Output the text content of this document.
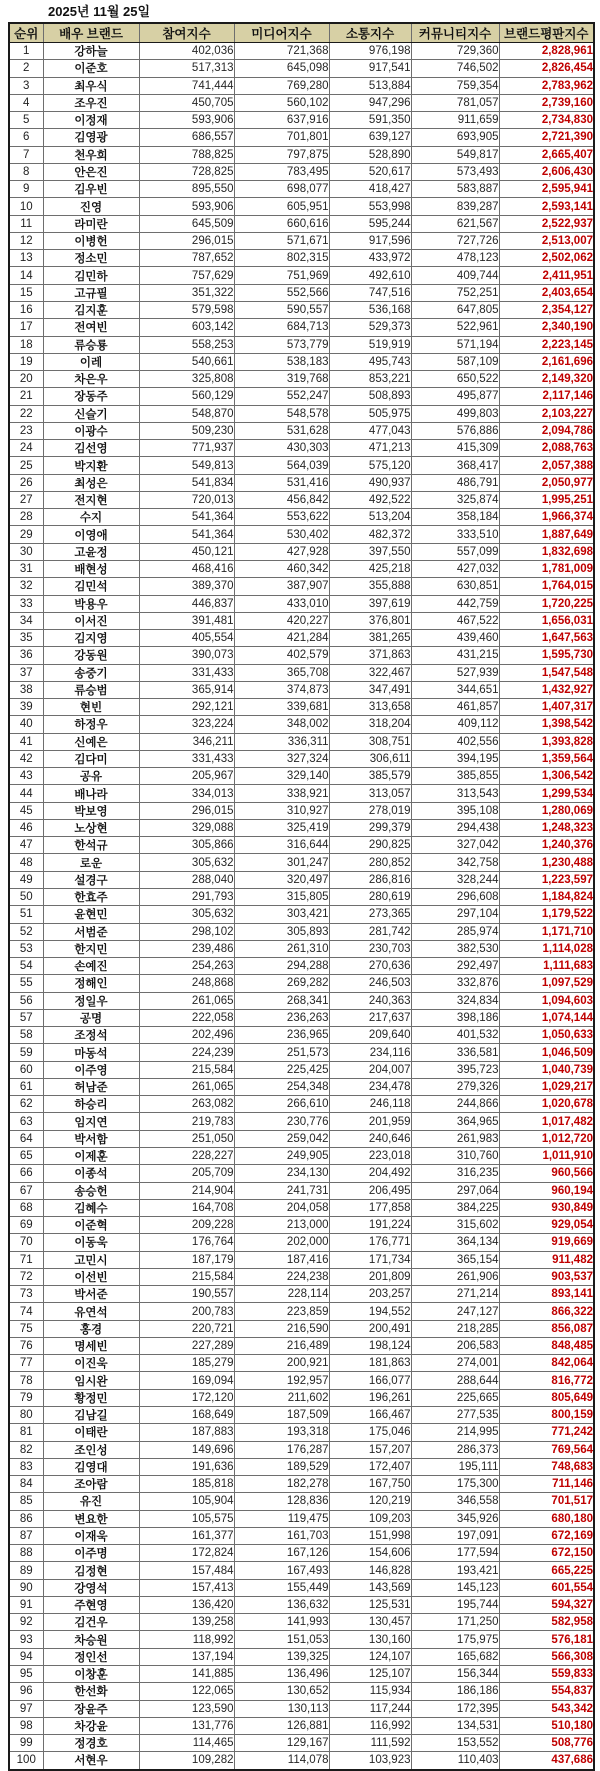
2025년 11월 25일
순위	배우 브랜드	참여지수	미디어지수	소통지수	커뮤니티지수	브랜드평판지수
1	강하늘	402,036	721,368	976,198	729,360	2,828,961
2	이준호	517,313	645,098	917,541	746,502	2,826,454
3	최우식	741,444	769,280	513,884	759,354	2,783,962
4	조우진	450,705	560,102	947,296	781,057	2,739,160
5	이정재	593,906	637,916	591,350	911,659	2,734,830
6	김영광	686,557	701,801	639,127	693,905	2,721,390
7	천우희	788,825	797,875	528,890	549,817	2,665,407
8	안은진	728,825	783,495	520,617	573,493	2,606,430
9	김우빈	895,550	698,077	418,427	583,887	2,595,941
10	진영	593,906	605,951	553,998	839,287	2,593,141
11	라미란	645,509	660,616	595,244	621,567	2,522,937
12	이병헌	296,015	571,671	917,596	727,726	2,513,007
13	정소민	787,652	802,315	433,972	478,123	2,502,062
14	김민하	757,629	751,969	492,610	409,744	2,411,951
15	고규필	351,322	552,566	747,516	752,251	2,403,654
16	김지훈	579,598	590,557	536,168	647,805	2,354,127
17	전여빈	603,142	684,713	529,373	522,961	2,340,190
18	류승룡	558,253	573,779	519,919	571,194	2,223,145
19	이레	540,661	538,183	495,743	587,109	2,161,696
20	차은우	325,808	319,768	853,221	650,522	2,149,320
21	장동주	560,129	552,247	508,893	495,877	2,117,146
22	신슬기	548,870	548,578	505,975	499,803	2,103,227
23	이광수	509,230	531,628	477,043	576,886	2,094,786
24	김선영	771,937	430,303	471,213	415,309	2,088,763
25	박지환	549,813	564,039	575,120	368,417	2,057,388
26	최성은	541,834	531,416	490,937	486,791	2,050,977
27	전지현	720,013	456,842	492,522	325,874	1,995,251
28	수지	541,364	553,622	513,204	358,184	1,966,374
29	이영애	541,364	530,402	482,372	333,510	1,887,649
30	고윤정	450,121	427,928	397,550	557,099	1,832,698
31	배현성	468,416	460,342	425,218	427,032	1,781,009
32	김민석	389,370	387,907	355,888	630,851	1,764,015
33	박용우	446,837	433,010	397,619	442,759	1,720,225
34	이서진	391,481	420,227	376,801	467,522	1,656,031
35	김지영	405,554	421,284	381,265	439,460	1,647,563
36	강동원	390,073	402,579	371,863	431,215	1,595,730
37	송중기	331,433	365,708	322,467	527,939	1,547,548
38	류승범	365,914	374,873	347,491	344,651	1,432,927
39	현빈	292,121	339,681	313,658	461,857	1,407,317
40	하정우	323,224	348,002	318,204	409,112	1,398,542
41	신예은	346,211	336,311	308,751	402,556	1,393,828
42	김다미	331,433	327,324	306,611	394,195	1,359,564
43	공유	205,967	329,140	385,579	385,855	1,306,542
44	배나라	334,013	338,921	313,057	313,543	1,299,534
45	박보영	296,015	310,927	278,019	395,108	1,280,069
46	노상현	329,088	325,419	299,379	294,438	1,248,323
47	한석규	305,866	316,644	290,825	327,042	1,240,376
48	로운	305,632	301,247	280,852	342,758	1,230,488
49	설경구	288,040	320,497	286,816	328,244	1,223,597
50	한효주	291,793	315,805	280,619	296,608	1,184,824
51	윤현민	305,632	303,421	273,365	297,104	1,179,522
52	서범준	298,102	305,893	281,742	285,974	1,171,710
53	한지민	239,486	261,310	230,703	382,530	1,114,028
54	손예진	254,263	294,288	270,636	292,497	1,111,683
55	정해인	248,868	269,282	246,503	332,876	1,097,529
56	정일우	261,065	268,341	240,363	324,834	1,094,603
57	공명	222,058	236,263	217,637	398,186	1,074,144
58	조정석	202,496	236,965	209,640	401,532	1,050,633
59	마동석	224,239	251,573	234,116	336,581	1,046,509
60	이주영	215,584	225,425	204,007	395,723	1,040,739
61	허남준	261,065	254,348	234,478	279,326	1,029,217
62	하승리	263,082	266,610	246,118	244,866	1,020,678
63	임지연	219,783	230,776	201,959	364,965	1,017,482
64	박서함	251,050	259,042	240,646	261,983	1,012,720
65	이제훈	228,227	249,905	223,018	310,760	1,011,910
66	이종석	205,709	234,130	204,492	316,235	960,566
67	송승헌	214,904	241,731	206,495	297,064	960,194
68	김혜수	164,708	204,058	177,858	384,225	930,849
69	이준혁	209,228	213,000	191,224	315,602	929,054
70	이동욱	176,764	202,000	176,771	364,134	919,669
71	고민시	187,179	187,416	171,734	365,154	911,482
72	이선빈	215,584	224,238	201,809	261,906	903,537
73	박서준	190,557	228,114	203,257	271,214	893,141
74	유연석	200,783	223,859	194,552	247,127	866,322
75	홍경	220,721	216,590	200,491	218,285	856,087
76	명세빈	227,289	216,489	198,124	206,583	848,485
77	이진욱	185,279	200,921	181,863	274,001	842,064
78	임시완	169,094	192,957	166,077	288,644	816,772
79	황정민	172,120	211,602	196,261	225,665	805,649
80	김남길	168,649	187,509	166,467	277,535	800,159
81	이태란	187,883	193,318	175,046	214,995	771,242
82	조인성	149,696	176,287	157,207	286,373	769,564
83	김영대	191,636	189,529	172,407	195,111	748,683
84	조아람	185,818	182,278	167,750	175,300	711,146
85	유진	105,904	128,836	120,219	346,558	701,517
86	변요한	105,575	119,475	109,203	345,926	680,180
87	이재욱	161,377	161,703	151,998	197,091	672,169
88	이주명	172,824	167,126	154,606	177,594	672,150
89	김정현	157,484	167,493	146,828	193,421	665,225
90	강영석	157,413	155,449	143,569	145,123	601,554
91	주현영	136,420	136,632	125,531	195,744	594,327
92	김건우	139,258	141,993	130,457	171,250	582,958
93	차승원	118,992	151,053	130,160	175,975	576,181
94	정인선	137,194	139,325	124,107	165,682	566,308
95	이창훈	141,885	136,496	125,107	156,344	559,833
96	한선화	122,065	130,652	115,934	186,186	554,837
97	장윤주	123,590	130,113	117,244	172,395	543,342
98	차강윤	131,776	126,881	116,992	134,531	510,180
99	정경호	114,465	129,167	111,592	153,552	508,776
100	서현우	109,282	114,078	103,923	110,403	437,686
